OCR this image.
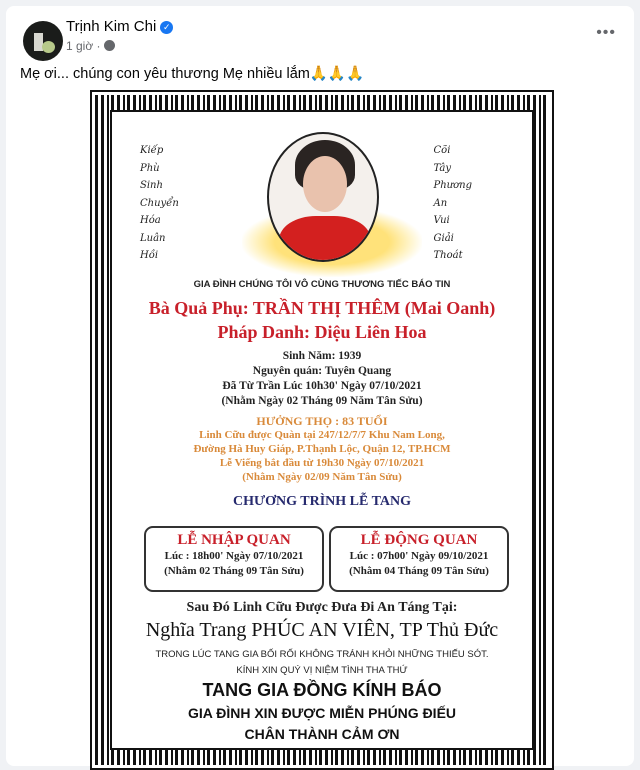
Trịnh Kim Chi ✓
1 giờ ·
•••
Mẹ ơi... chúng con yêu thương Mẹ nhiều lắm🙏🙏🙏
Kiếp
Phù
Sinh
Chuyển
Hóa
Luân
Hồi
Cõi
Tây
Phương
An
Vui
Giải
Thoát
GIA ĐÌNH CHÚNG TÔI VÔ CÙNG THƯƠNG TIẾC BÁO TIN
Bà Quả Phụ: TRẦN THỊ THÊM (Mai Oanh)
Pháp Danh: Diệu Liên Hoa
Sinh Năm: 1939
Nguyên quán: Tuyên Quang
Đã Từ Trần Lúc 10h30' Ngày 07/10/2021
(Nhằm Ngày 02 Tháng 09 Năm Tân Sửu)
HƯỞNG THỌ : 83 TUỔI
Linh Cữu được Quàn tại 247/12/7/7 Khu Nam Long,
Đường Hà Huy Giáp, P.Thạnh Lộc, Quận 12, TP.HCM
Lễ Viếng bắt đầu từ 19h30 Ngày 07/10/2021
(Nhằm Ngày 02/09 Năm Tân Sửu)
CHƯƠNG TRÌNH LỄ TANG
LỄ NHẬP QUAN
Lúc : 18h00' Ngày 07/10/2021
(Nhằm 02 Tháng 09 Tân Sửu)
LỄ ĐỘNG QUAN
Lúc : 07h00' Ngày 09/10/2021
(Nhằm 04 Tháng 09 Tân Sửu)
Sau Đó Linh Cữu Được Đưa Đi An Táng Tại:
Nghĩa Trang PHÚC AN VIÊN, TP Thủ Đức
TRONG LÚC TANG GIA BỐI RỐI KHÔNG TRÁNH KHỎI NHỮNG THIẾU SÓT.
KÍNH XIN QUÝ VỊ NIỆM TÌNH THA THỨ
TANG GIA ĐỒNG KÍNH BÁO
GIA ĐÌNH XIN ĐƯỢC MIỄN PHÚNG ĐIẾU
CHÂN THÀNH CẢM ƠN
